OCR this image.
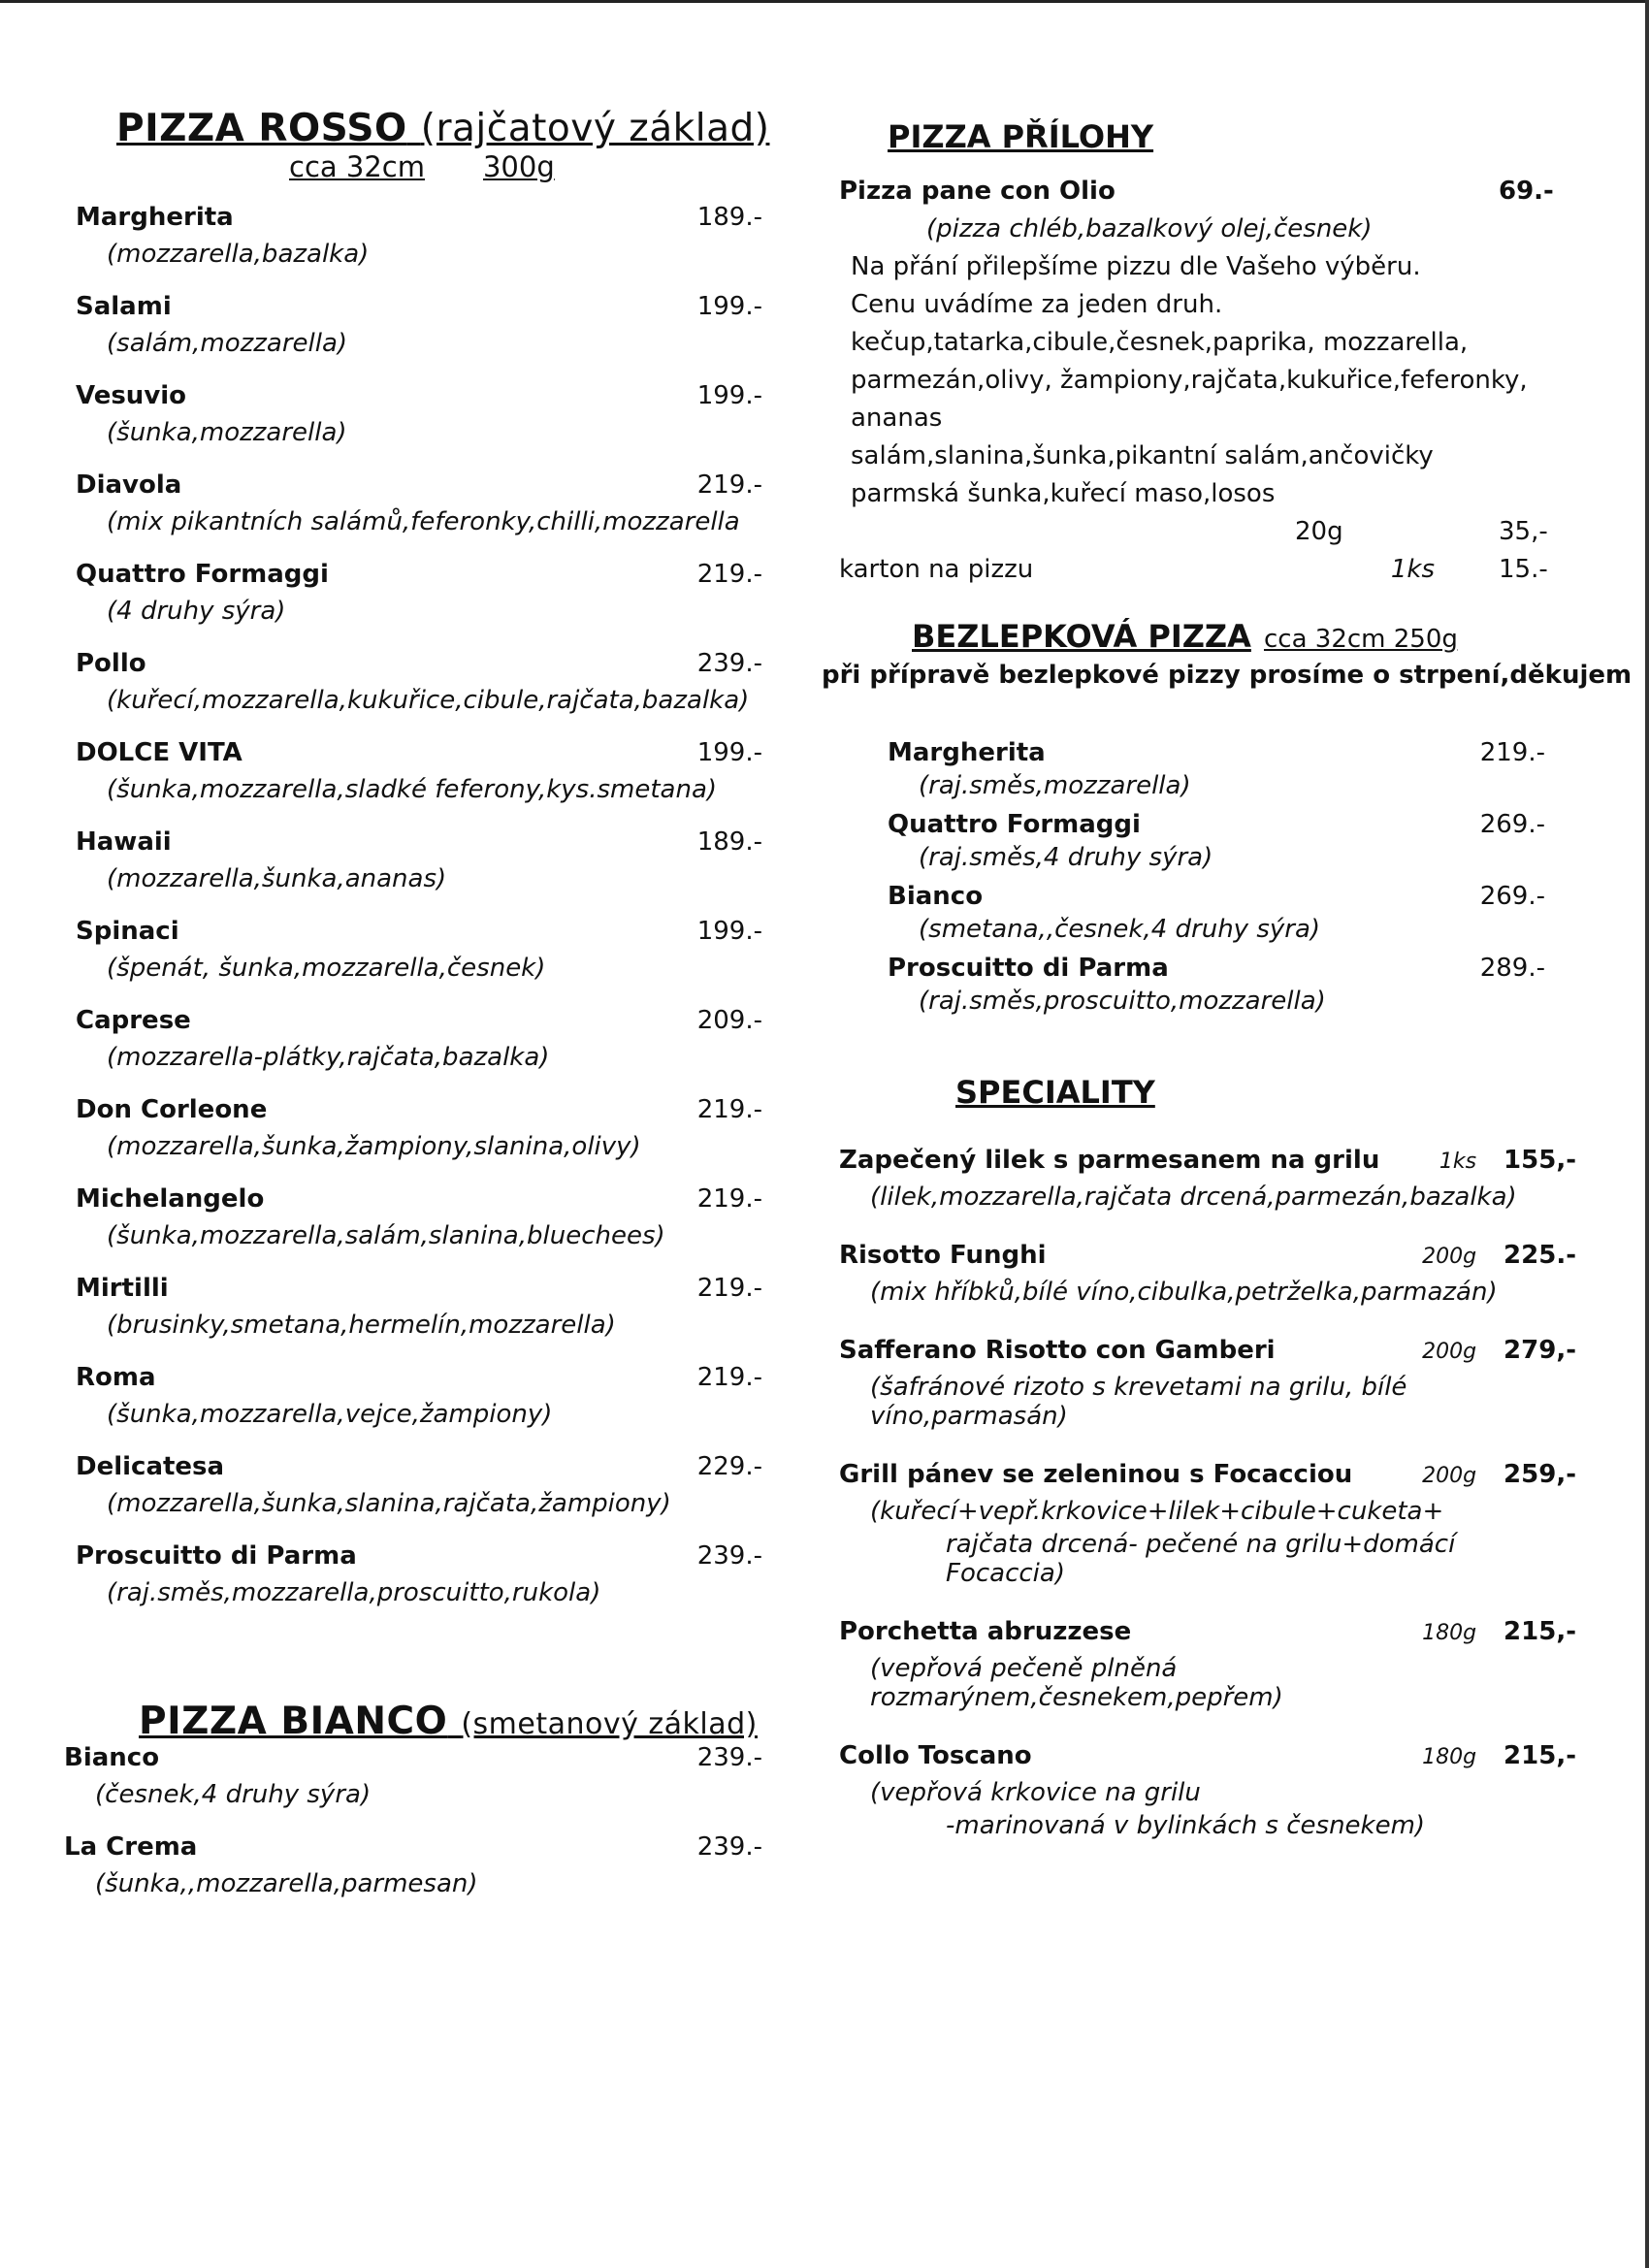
PIZZA ROSSO (rajčatový základ)
cca 32cm 300g
Margherita	189.-
(mozzarella,bazalka)
Salami	199.-
(salám,mozzarella)
Vesuvio	199.-
(šunka,mozzarella)
Diavola	219.-
(mix pikantních salámů,feferonky,chilli,mozzarella
Quattro Formaggi	219.-
(4 druhy sýra)
Pollo	239.-
(kuřecí,mozzarella,kukuřice,cibule,rajčata,bazalka)
DOLCE VITA	199.-
(šunka,mozzarella,sladké feferony,kys.smetana)
Hawaii	189.-
(mozzarella,šunka,ananas)
Spinaci	199.-
(špenát, šunka,mozzarella,česnek)
Caprese	209.-
(mozzarella-plátky,rajčata,bazalka)
Don Corleone	219.-
(mozzarella,šunka,žampiony,slanina,olivy)
Michelangelo	219.-
(šunka,mozzarella,salám,slanina,bluechees)
Mirtilli	219.-
(brusinky,smetana,hermelín,mozzarella)
Roma	219.-
(šunka,mozzarella,vejce,žampiony)
Delicatesa	229.-
(mozzarella,šunka,slanina,rajčata,žampiony)
Proscuitto di Parma	239.-
(raj.směs,mozzarella,proscuitto,rukola)
PIZZA BIANCO (smetanový základ)
Bianco	239.-
(česnek,4 druhy sýra)
La Crema	239.-
(šunka,,mozzarella,parmesan)
PIZZA PŘÍLOHY
Pizza pane con Olio	69.-
(pizza chléb,bazalkový olej,česnek)
Na přání přilepšíme pizzu dle Vašeho výběru.
Cenu uvádíme za jeden druh.
kečup,tatarka,cibule,česnek,paprika, mozzarella,
parmezán,olivy, žampiony,rajčata,kukuřice,feferonky,
ananas
salám,slanina,šunka,pikantní salám,ančovičky
parmská šunka,kuřecí maso,losos
20g	35,-
karton na pizzu	1ks	15.-
BEZLEPKOVÁ PIZZA cca 32cm 250g
při přípravě bezlepkové pizzy prosíme o strpení,děkujem
Margherita	219.-
(raj.směs,mozzarella)
Quattro Formaggi	269.-
(raj.směs,4 druhy sýra)
Bianco	269.-
(smetana,,česnek,4 druhy sýra)
Proscuitto di Parma	289.-
(raj.směs,proscuitto,mozzarella)
SPECIALITY
Zapečený lilek s parmesanem na grilu	1ks 155,-
(lilek,mozzarella,rajčata drcená,parmezán,bazalka)
Risotto Funghi	200g 225.-
(mix hříbků,bílé víno,cibulka,petrželka,parmazán)
Safferano Risotto con Gamberi	200g 279,-
(šafránové rizoto s krevetami na grilu, bílé víno,parmasán)
Grill pánev se zeleninou s Focacciou	200g 259,-
(kuřecí+vepř.krkovice+lilek+cibule+cuketa+
rajčata drcená- pečené na grilu+domácí Focaccia)
Porchetta abruzzese	180g 215,-
(vepřová pečeně plněná rozmarýnem,česnekem,pepřem)
Collo Toscano	180g 215,-
(vepřová krkovice na grilu
-marinovaná v bylinkách s česnekem)
